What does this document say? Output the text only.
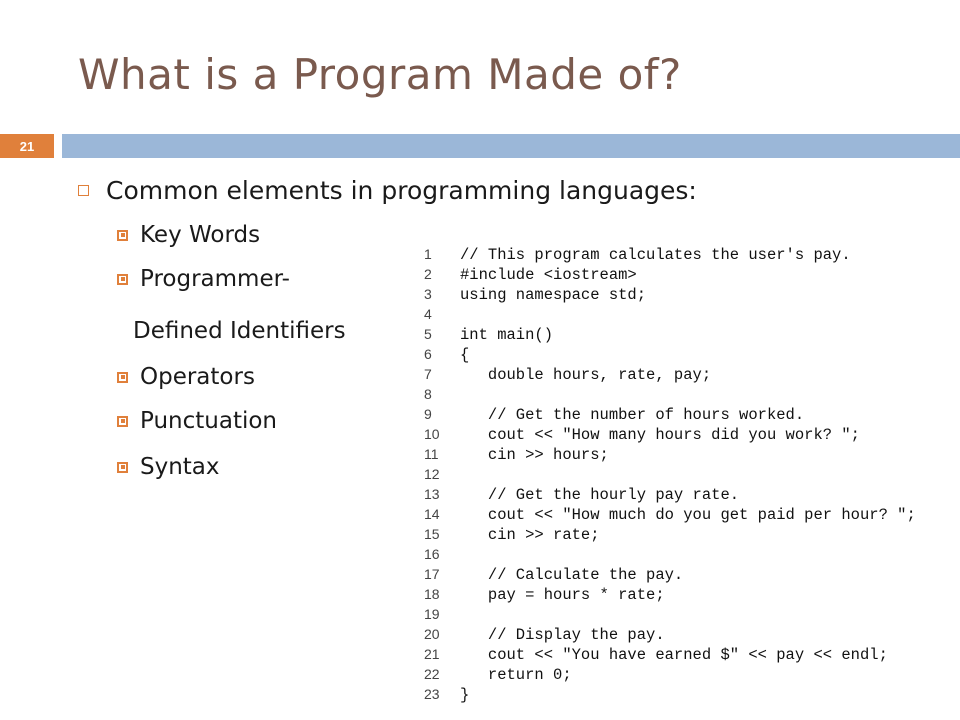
What is a Program Made of?
21
Common elements in programming languages:
Key Words
Programmer-
Defined Identifiers
Operators
Punctuation
Syntax
1	// This program calculates the user's pay.
2	#include <iostream>
3	using namespace std;
4
5	int main()
6	{
7	double hours, rate, pay;
8
9	// Get the number of hours worked.
10	cout << "How many hours did you work? ";
11	cin >> hours;
12
13	// Get the hourly pay rate.
14	cout << "How much do you get paid per hour? ";
15	cin >> rate;
16
17	// Calculate the pay.
18	pay = hours * rate;
19
20	// Display the pay.
21	cout << "You have earned $" << pay << endl;
22	return 0;
23	}
